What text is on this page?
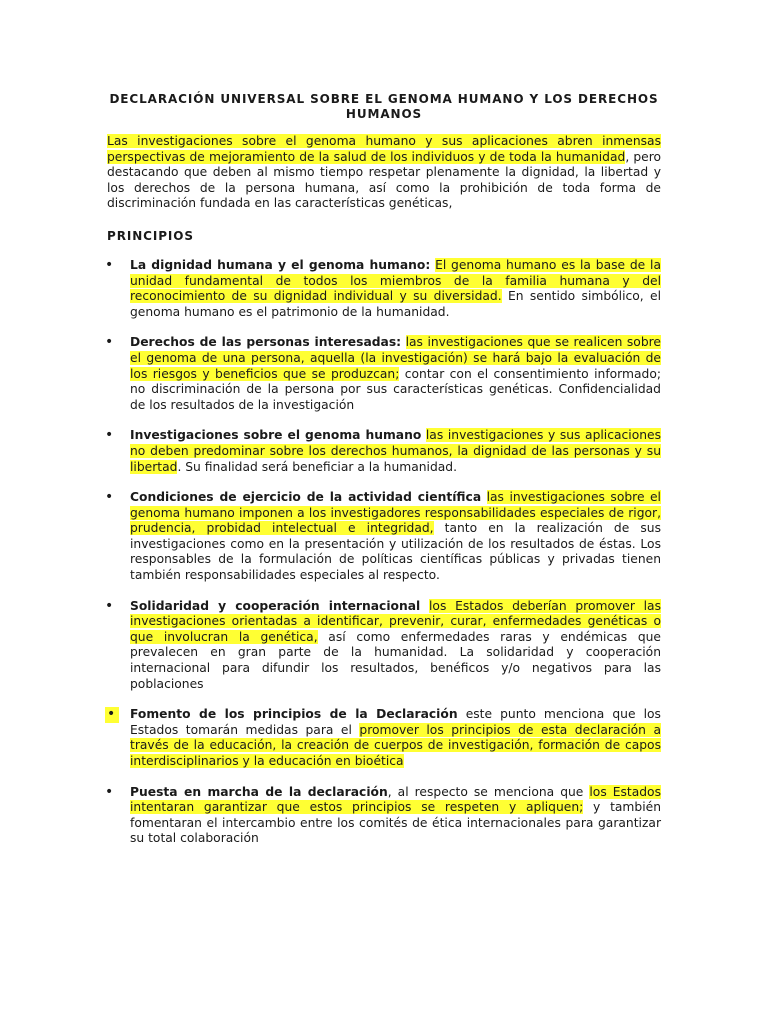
DECLARACIÓN UNIVERSAL SOBRE EL GENOMA HUMANO Y LOS DERECHOS HUMANOS

Las investigaciones sobre el genoma humano y sus aplicaciones abren inmensas perspectivas de mejoramiento de la salud de los individuos y de toda la humanidad, pero destacando que deben al mismo tiempo respetar plenamente la dignidad, la libertad y los derechos de la persona humana, así como la prohibición de toda forma de discriminación fundada en las características genéticas,

PRINCIPIOS
• La dignidad humana y el genoma humano: El genoma humano es la base de la unidad fundamental de todos los miembros de la familia humana y del reconocimiento de su dignidad individual y su diversidad. En sentido simbólico, el genoma humano es el patrimonio de la humanidad.
• Derechos de las personas interesadas: las investigaciones que se realicen sobre el genoma de una persona, aquella (la investigación) se hará bajo la evaluación de los riesgos y beneficios que se produzcan; contar con el consentimiento informado; no discriminación de la persona por sus características genéticas. Confidencialidad de los resultados de la investigación
• Investigaciones sobre el genoma humano las investigaciones y sus aplicaciones no deben predominar sobre los derechos humanos, la dignidad de las personas y su libertad. Su finalidad será beneficiar a la humanidad.
• Condiciones de ejercicio de la actividad científica las investigaciones sobre el genoma humano imponen a los investigadores responsabilidades especiales de rigor, prudencia, probidad intelectual e integridad, tanto en la realización de sus investigaciones como en la presentación y utilización de los resultados de éstas. Los responsables de la formulación de políticas científicas públicas y privadas tienen también responsabilidades especiales al respecto.
• Solidaridad y cooperación internacional los Estados deberían promover las investigaciones orientadas a identificar, prevenir, curar, enfermedades genéticas o que involucran la genética, así como enfermedades raras y endémicas que prevalecen en gran parte de la humanidad. La solidaridad y cooperación internacional para difundir los resultados, benéficos y/o negativos para las poblaciones
•	Fomento de los principios de la Declaración este punto menciona que los Estados tomarán medidas para el promover los principios de esta declaración a través de la educación, la creación de cuerpos de investigación, formación de capos interdisciplinarios y la educación en bioética
• Puesta en marcha de la declaración, al respecto se menciona que los Estados intentaran garantizar que estos principios se respeten y apliquen; y también fomentaran el intercambio entre los comités de ética internacionales para garantizar su total colaboración
